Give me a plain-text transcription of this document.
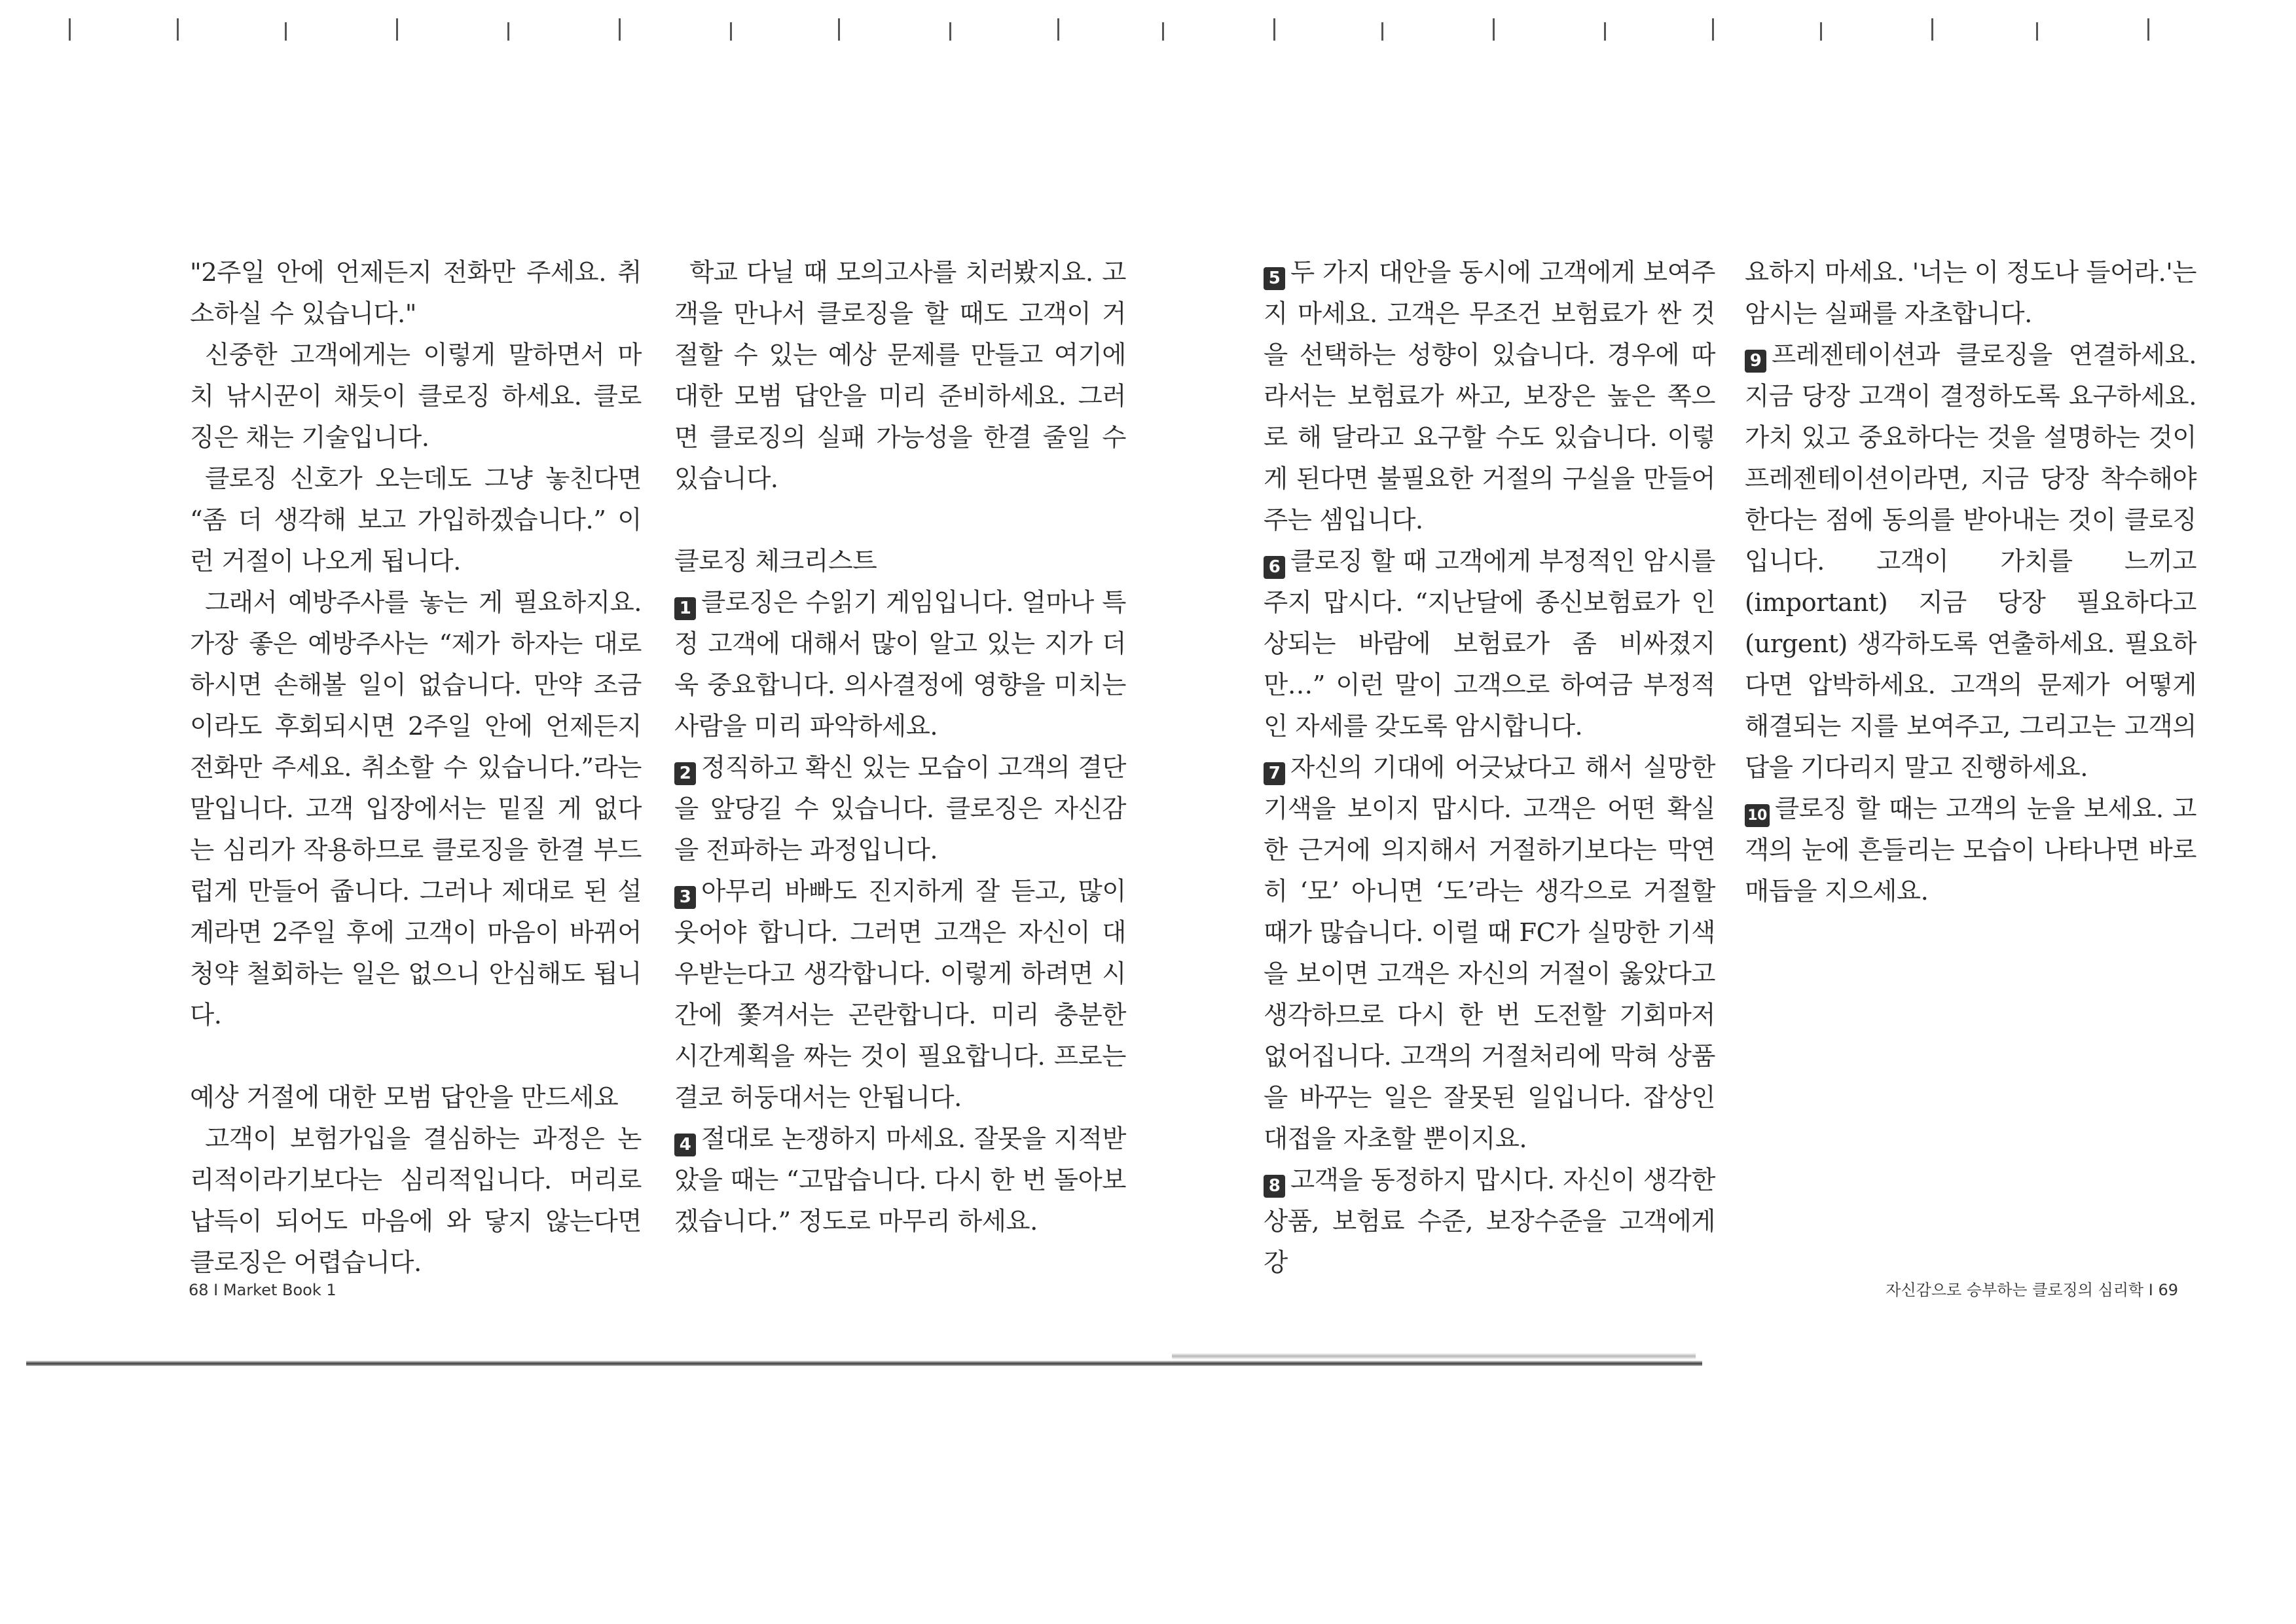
"2주일 안에 언제든지 전화만 주세요. 취소하실 수 있습니다."

신중한 고객에게는 이렇게 말하면서 마치 낚시꾼이 채듯이 클로징 하세요. 클로징은 채는 기술입니다.

클로징 신호가 오는데도 그냥 놓친다면 “좀 더 생각해 보고 가입하겠습니다.” 이런 거절이 나오게 됩니다.

그래서 예방주사를 놓는 게 필요하지요. 가장 좋은 예방주사는 “제가 하자는 대로 하시면 손해볼 일이 없습니다. 만약 조금이라도 후회되시면 2주일 안에 언제든지 전화만 주세요. 취소할 수 있습니다.”라는 말입니다. 고객 입장에서는 밑질 게 없다는 심리가 작용하므로 클로징을 한결 부드럽게 만들어 줍니다. 그러나 제대로 된 설계라면 2주일 후에 고객이 마음이 바뀌어 청약 철회하는 일은 없으니 안심해도 됩니다.

예상 거절에 대한 모범 답안을 만드세요

고객이 보험가입을 결심하는 과정은 논리적이라기보다는 심리적입니다. 머리로 납득이 되어도 마음에 와 닿지 않는다면 클로징은 어렵습니다.

학교 다닐 때 모의고사를 치러봤지요. 고객을 만나서 클로징을 할 때도 고객이 거절할 수 있는 예상 문제를 만들고 여기에 대한 모범 답안을 미리 준비하세요. 그러면 클로징의 실패 가능성을 한결 줄일 수 있습니다.

클로징 체크리스트

1 클로징은 수읽기 게임입니다. 얼마나 특정 고객에 대해서 많이 알고 있는 지가 더욱 중요합니다. 의사결정에 영향을 미치는 사람을 미리 파악하세요.

2 정직하고 확신 있는 모습이 고객의 결단을 앞당길 수 있습니다. 클로징은 자신감을 전파하는 과정입니다.

3 아무리 바빠도 진지하게 잘 듣고, 많이 웃어야 합니다. 그러면 고객은 자신이 대우받는다고 생각합니다. 이렇게 하려면 시간에 쫓겨서는 곤란합니다. 미리 충분한 시간계획을 짜는 것이 필요합니다. 프로는 결코 허둥대서는 안됩니다.

4 절대로 논쟁하지 마세요. 잘못을 지적받았을 때는 “고맙습니다. 다시 한 번 돌아보겠습니다.” 정도로 마무리 하세요.

5 두 가지 대안을 동시에 고객에게 보여주지 마세요. 고객은 무조건 보험료가 싼 것을 선택하는 성향이 있습니다. 경우에 따라서는 보험료가 싸고, 보장은 높은 쪽으로 해 달라고 요구할 수도 있습니다. 이렇게 된다면 불필요한 거절의 구실을 만들어 주는 셈입니다.

6 클로징 할 때 고객에게 부정적인 암시를 주지 맙시다. “지난달에 종신보험료가 인상되는 바람에 보험료가 좀 비싸졌지만…” 이런 말이 고객으로 하여금 부정적인 자세를 갖도록 암시합니다.

7 자신의 기대에 어긋났다고 해서 실망한 기색을 보이지 맙시다. 고객은 어떤 확실한 근거에 의지해서 거절하기보다는 막연히 ‘모’ 아니면 ‘도’라는 생각으로 거절할 때가 많습니다. 이럴 때 FC가 실망한 기색을 보이면 고객은 자신의 거절이 옳았다고 생각하므로 다시 한 번 도전할 기회마저 없어집니다. 고객의 거절처리에 막혀 상품을 바꾸는 일은 잘못된 일입니다. 잡상인 대접을 자초할 뿐이지요.

8 고객을 동정하지 맙시다. 자신이 생각한 상품, 보험료 수준, 보장수준을 고객에게 강

요하지 마세요. '너는 이 정도나 들어라.'는 암시는 실패를 자초합니다.

9 프레젠테이션과 클로징을 연결하세요. 지금 당장 고객이 결정하도록 요구하세요. 가치 있고 중요하다는 것을 설명하는 것이 프레젠테이션이라면, 지금 당장 착수해야 한다는 점에 동의를 받아내는 것이 클로징입니다. 고객이 가치를 느끼고(important) 지금 당장 필요하다고(urgent) 생각하도록 연출하세요. 필요하다면 압박하세요. 고객의 문제가 어떻게 해결되는 지를 보여주고, 그리고는 고객의 답을 기다리지 말고 진행하세요.

10 클로징 할 때는 고객의 눈을 보세요. 고객의 눈에 흔들리는 모습이 나타나면 바로 매듭을 지으세요.

68 I Market Book 1	자신감으로 승부하는 클로징의 심리학 I 69
